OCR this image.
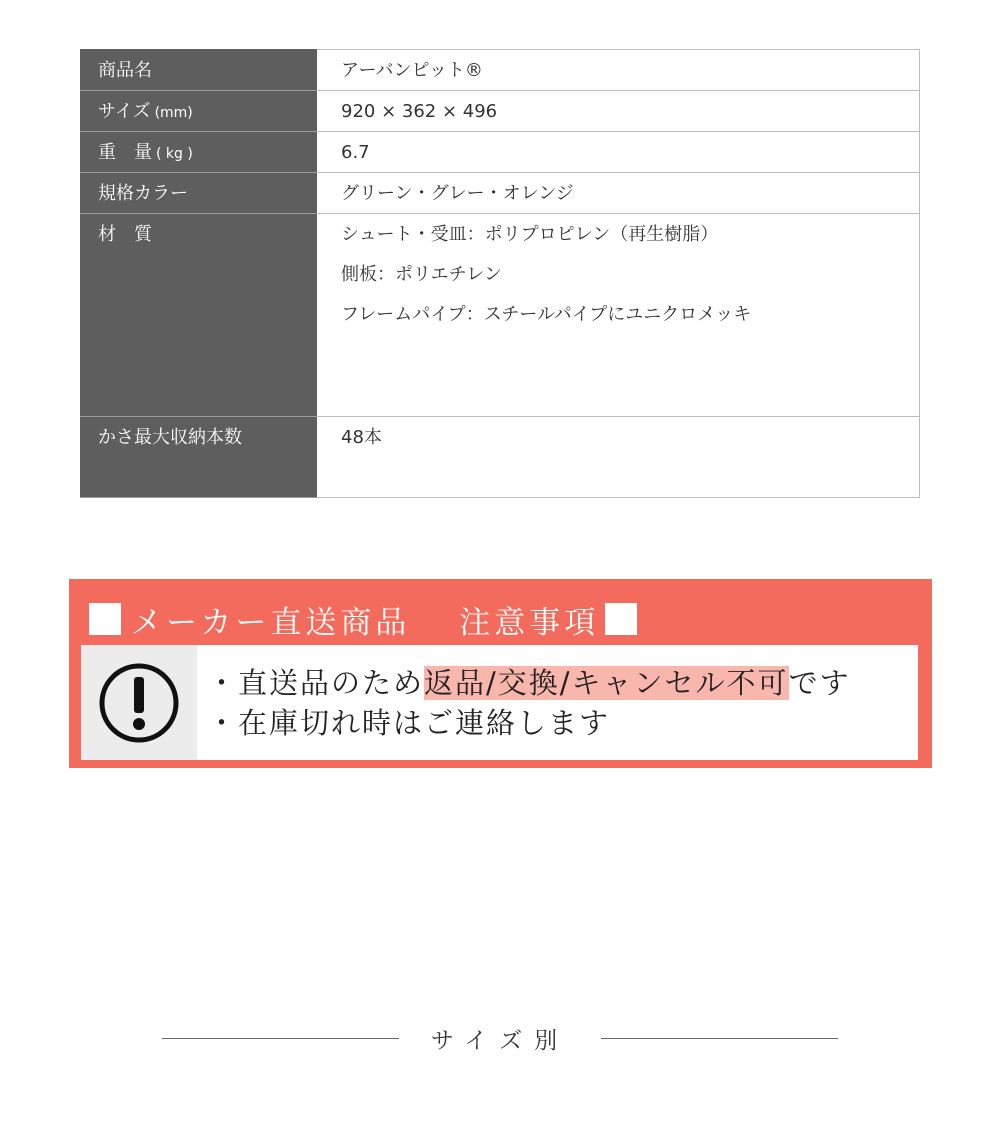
商品名	アーバンピット®
サイズ (mm)	920 × 362 × 496
重　量 ( kg )	6.7
規格カラー	グリーン・グレー・オレンジ
材　質	シュート・受皿：ポリプロピレン（再生樹脂）
側板：ポリエチレン
フレームパイプ：スチールパイプにユニクロメッキ

かさ最大収納本数	48本
メーカー直送商品　 注意事項
・直送品のため返品/交換/キャンセル不可です
・在庫切れ時はご連絡します
サイズ別
